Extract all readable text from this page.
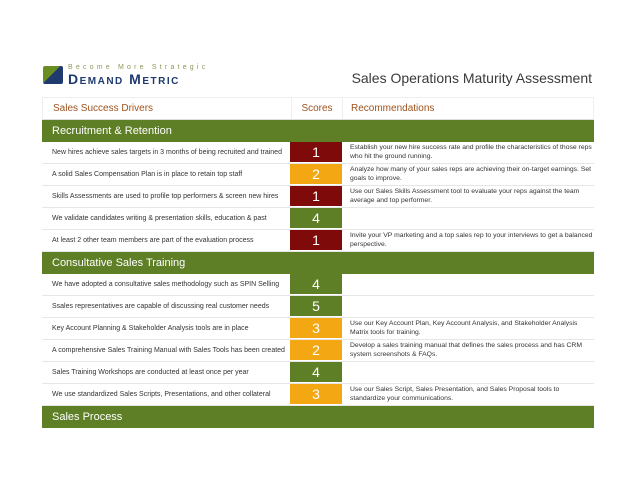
Become More Strategic
Demand Metric	Sales Operations Maturity Assessment
Sales Success Drivers	Scores	Recommendations
Recruitment & Retention
New hires achieve sales targets in 3 months of being recruited and trained	1	Establish your new hire success rate and profile the characteristics of those reps who hit the ground running.
A solid Sales Compensation Plan is in place to retain top staff	2	Analyze how many of your sales reps are achieving their on-target earnings. Set goals to improve.
Skills Assessments are used to profile top performers & screen new hires	1	Use our Sales Skills Assessment tool to evaluate your reps against the team average and top performer.
We validate candidates writing & presentation skills, education & past	4
At least 2 other team members are part of the evaluation process	1	Invite your VP marketing and a top sales rep to your interviews to get a balanced perspective.
Consultative Sales Training
We have adopted a consultative sales methodology such as SPIN Selling	4
Ssales representatives are capable of discussing real customer needs	5
Key Account Planning & Stakeholder Analysis tools are in place	3	Use our Key Account Plan, Key Account Analysis, and Stakeholder Analysis Matrix tools for training.
A comprehensive Sales Training Manual with Sales Tools has been created	2	Develop a sales training manual that defines the sales process and has CRM system screenshots & FAQs.
Sales Training Workshops are conducted at least once per year	4
We use standardized Sales Scripts, Presentations, and other collateral	3	Use our Sales Script, Sales Presentation, and Sales Proposal tools to standardize your communications.
Sales Process
